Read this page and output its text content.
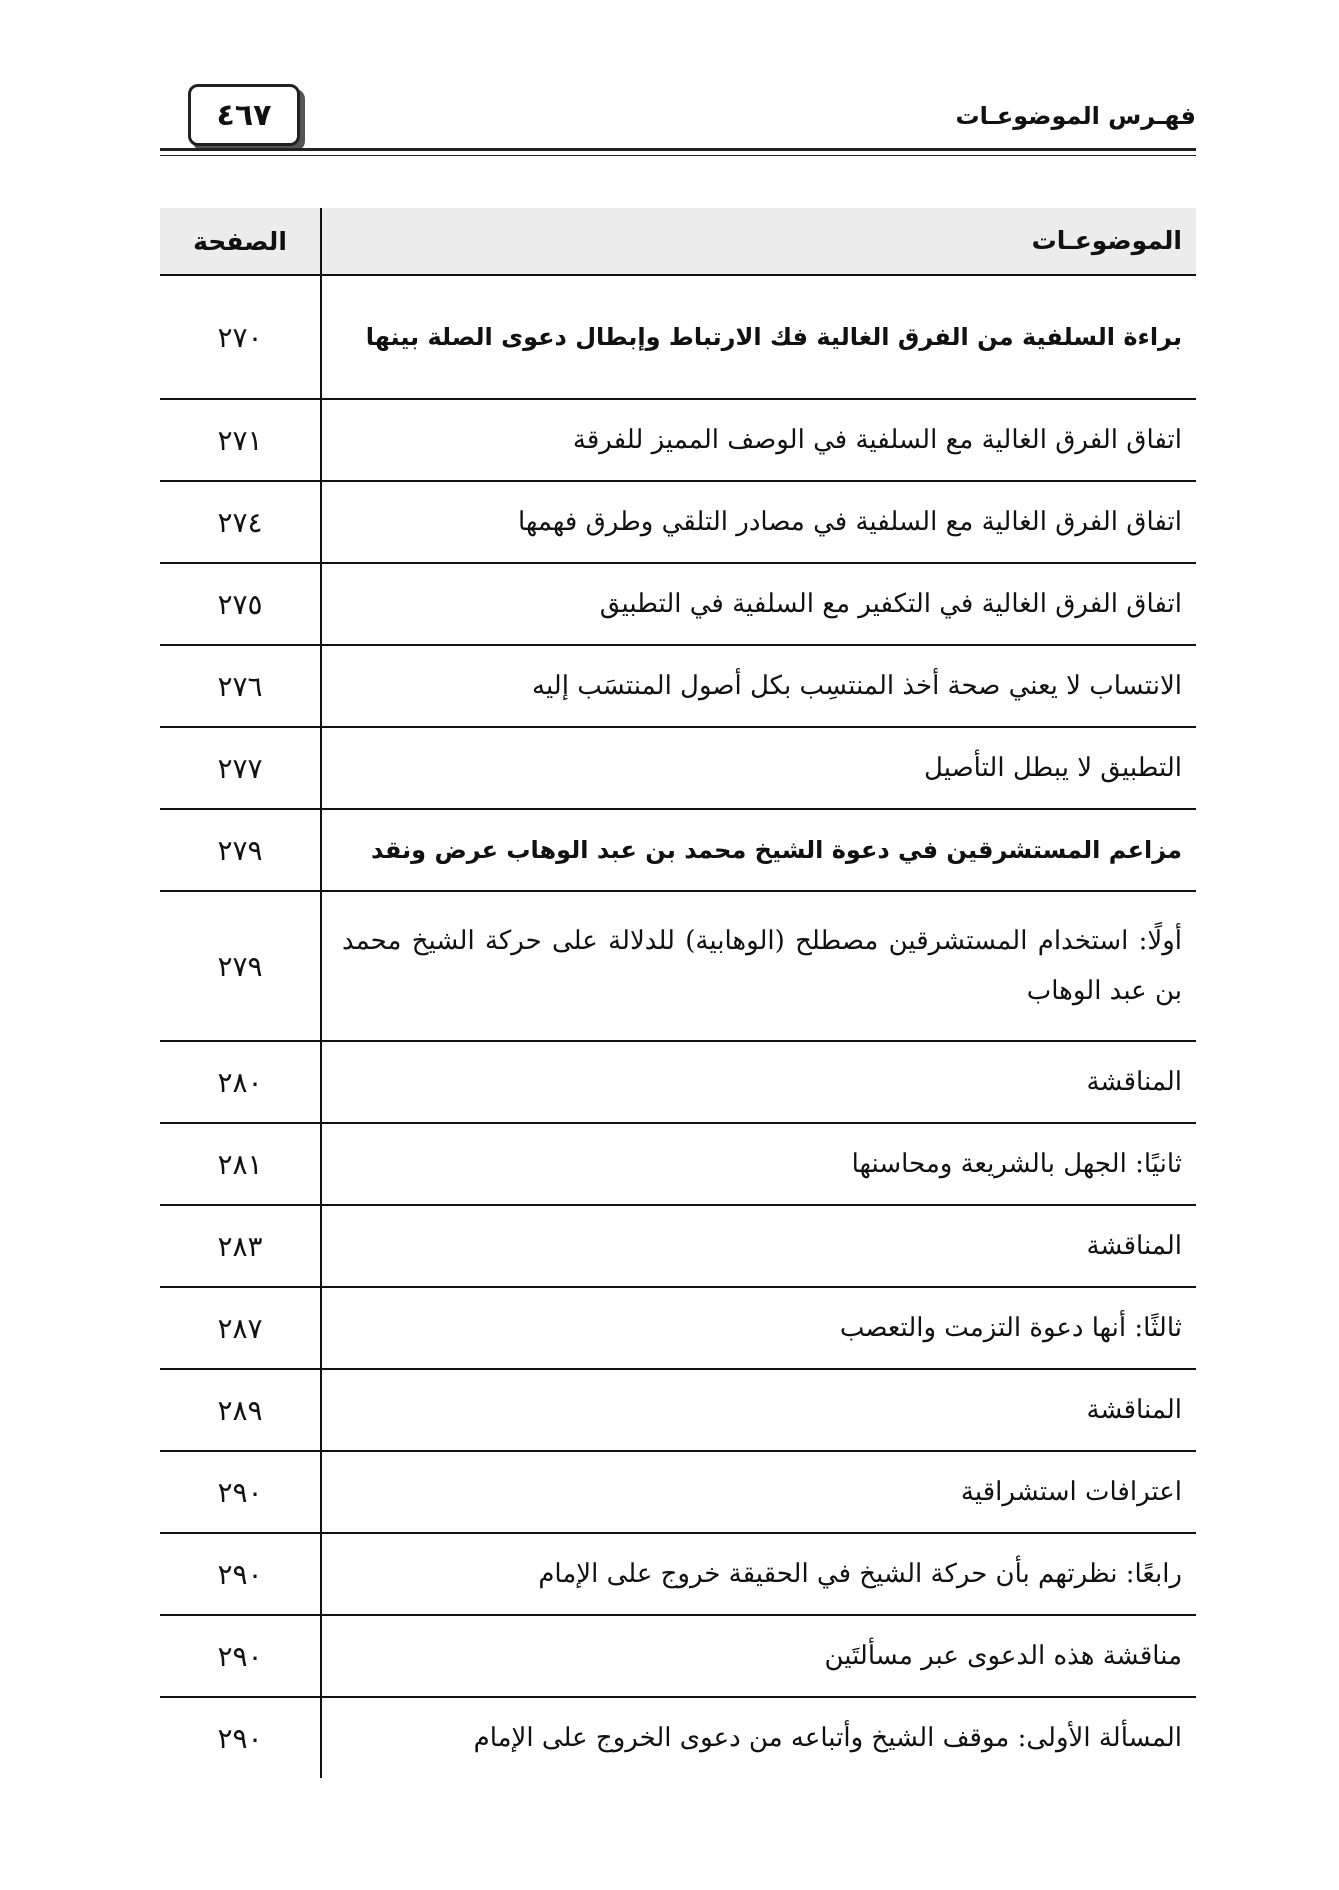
فهـرس الموضوعـات
٤٦٧
الموضوعـات
الصفحة
براءة السلفية من الفرق الغالية فك الارتباط وإبطال دعوى الصلة بينها
٢٧٠
اتفاق الفرق الغالية مع السلفية في الوصف المميز للفرقة
٢٧١
اتفاق الفرق الغالية مع السلفية في مصادر التلقي وطرق فهمها
٢٧٤
اتفاق الفرق الغالية في التكفير مع السلفية في التطبيق
٢٧٥
الانتساب لا يعني صحة أخذ المنتسِب بكل أصول المنتسَب إليه
٢٧٦
التطبيق لا يبطل التأصيل
٢٧٧
مزاعم المستشرقين في دعوة الشيخ محمد بن عبد الوهاب عرض ونقد
٢٧٩
أولًا: استخدام المستشرقين مصطلح (الوهابية) للدلالة على حركة الشيخ محمد بن عبد الوهاب
٢٧٩
المناقشة
٢٨٠
ثانيًا: الجهل بالشريعة ومحاسنها
٢٨١
المناقشة
٢٨٣
ثالثًا: أنها دعوة التزمت والتعصب
٢٨٧
المناقشة
٢٨٩
اعترافات استشراقية
٢٩٠
رابعًا: نظرتهم بأن حركة الشيخ في الحقيقة خروج على الإمام
٢٩٠
مناقشة هذه الدعوى عبر مسألتَين
٢٩٠
المسألة الأولى: موقف الشيخ وأتباعه من دعوى الخروج على الإمام
٢٩٠
